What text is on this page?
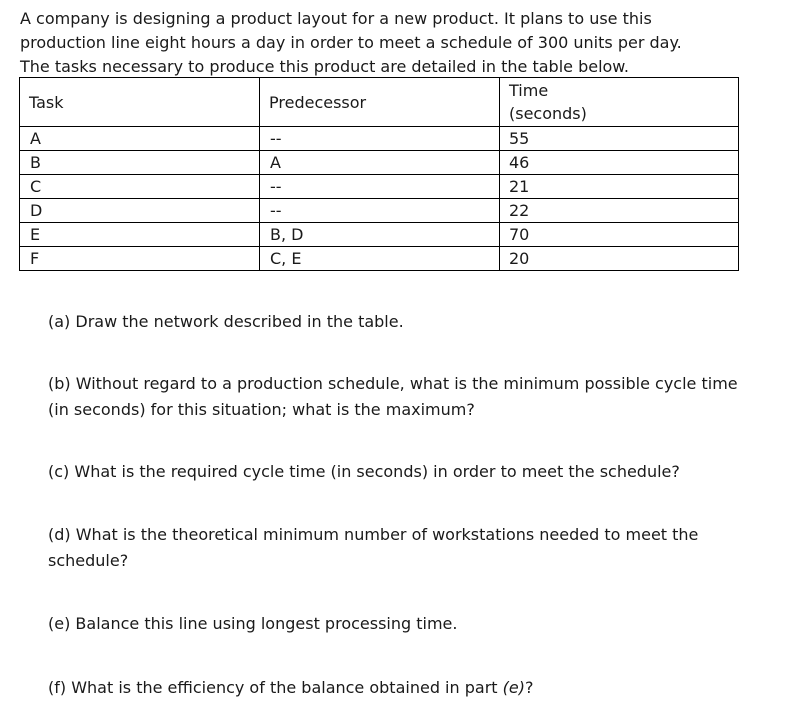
A company is designing a product layout for a new product. It plans to use this
production line eight hours a day in order to meet a schedule of 300 units per day.
The tasks necessary to produce this product are detailed in the table below.
Task	Predecessor	Time
(seconds)
A	--	55
B	A	46
C	--	21
D	--	22
E	B, D	70
F	C, E	20
(a) Draw the network described in the table.
(b) Without regard to a production schedule, what is the minimum possible cycle time
(in seconds) for this situation; what is the maximum?
(c) What is the required cycle time (in seconds) in order to meet the schedule?
(d) What is the theoretical minimum number of workstations needed to meet the
schedule?
(e) Balance this line using longest processing time.
(f) What is the efficiency of the balance obtained in part (e)?
